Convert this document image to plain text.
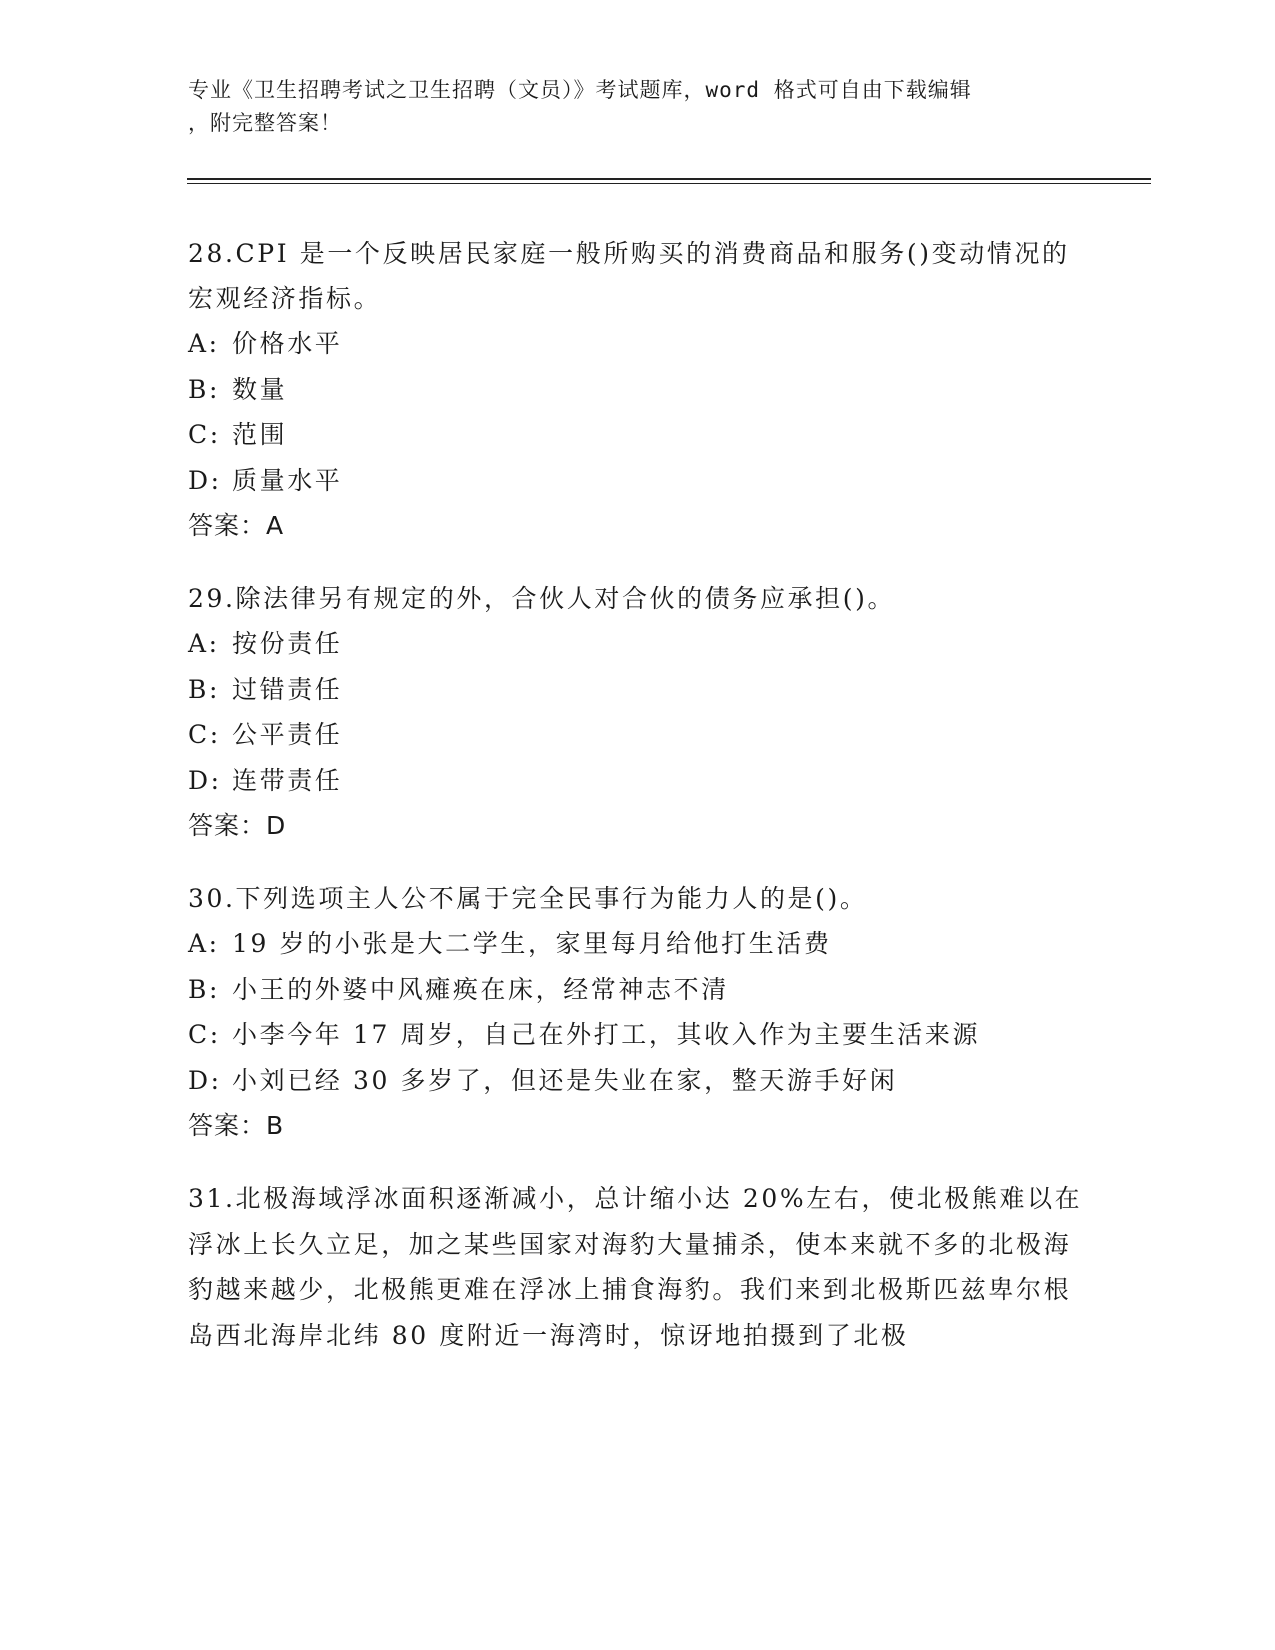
专业《卫生招聘考试之卫生招聘（文员）》考试题库，word 格式可自由下载编辑

，附完整答案！

28.CPI 是一个反映居民家庭一般所购买的消费商品和服务()变动情况的宏观经济指标。

A: 价格水平

B: 数量

C: 范围

D: 质量水平

答案：A

29.除法律另有规定的外，合伙人对合伙的债务应承担()。

A: 按份责任

B: 过错责任

C: 公平责任

D: 连带责任

答案：D

30.下列选项主人公不属于完全民事行为能力人的是()。

A: 19 岁的小张是大二学生，家里每月给他打生活费

B: 小王的外婆中风瘫痪在床，经常神志不清

C: 小李今年 17 周岁，自己在外打工，其收入作为主要生活来源

D: 小刘已经 30 多岁了，但还是失业在家，整天游手好闲

答案：B

31.北极海域浮冰面积逐渐减小，总计缩小达 20%左右，使北极熊难以在浮冰上长久立足，加之某些国家对海豹大量捕杀，使本来就不多的北极海豹越来越少，北极熊更难在浮冰上捕食海豹。我们来到北极斯匹兹卑尔根岛西北海岸北纬 80 度附近一海湾时，惊讶地拍摄到了北极
